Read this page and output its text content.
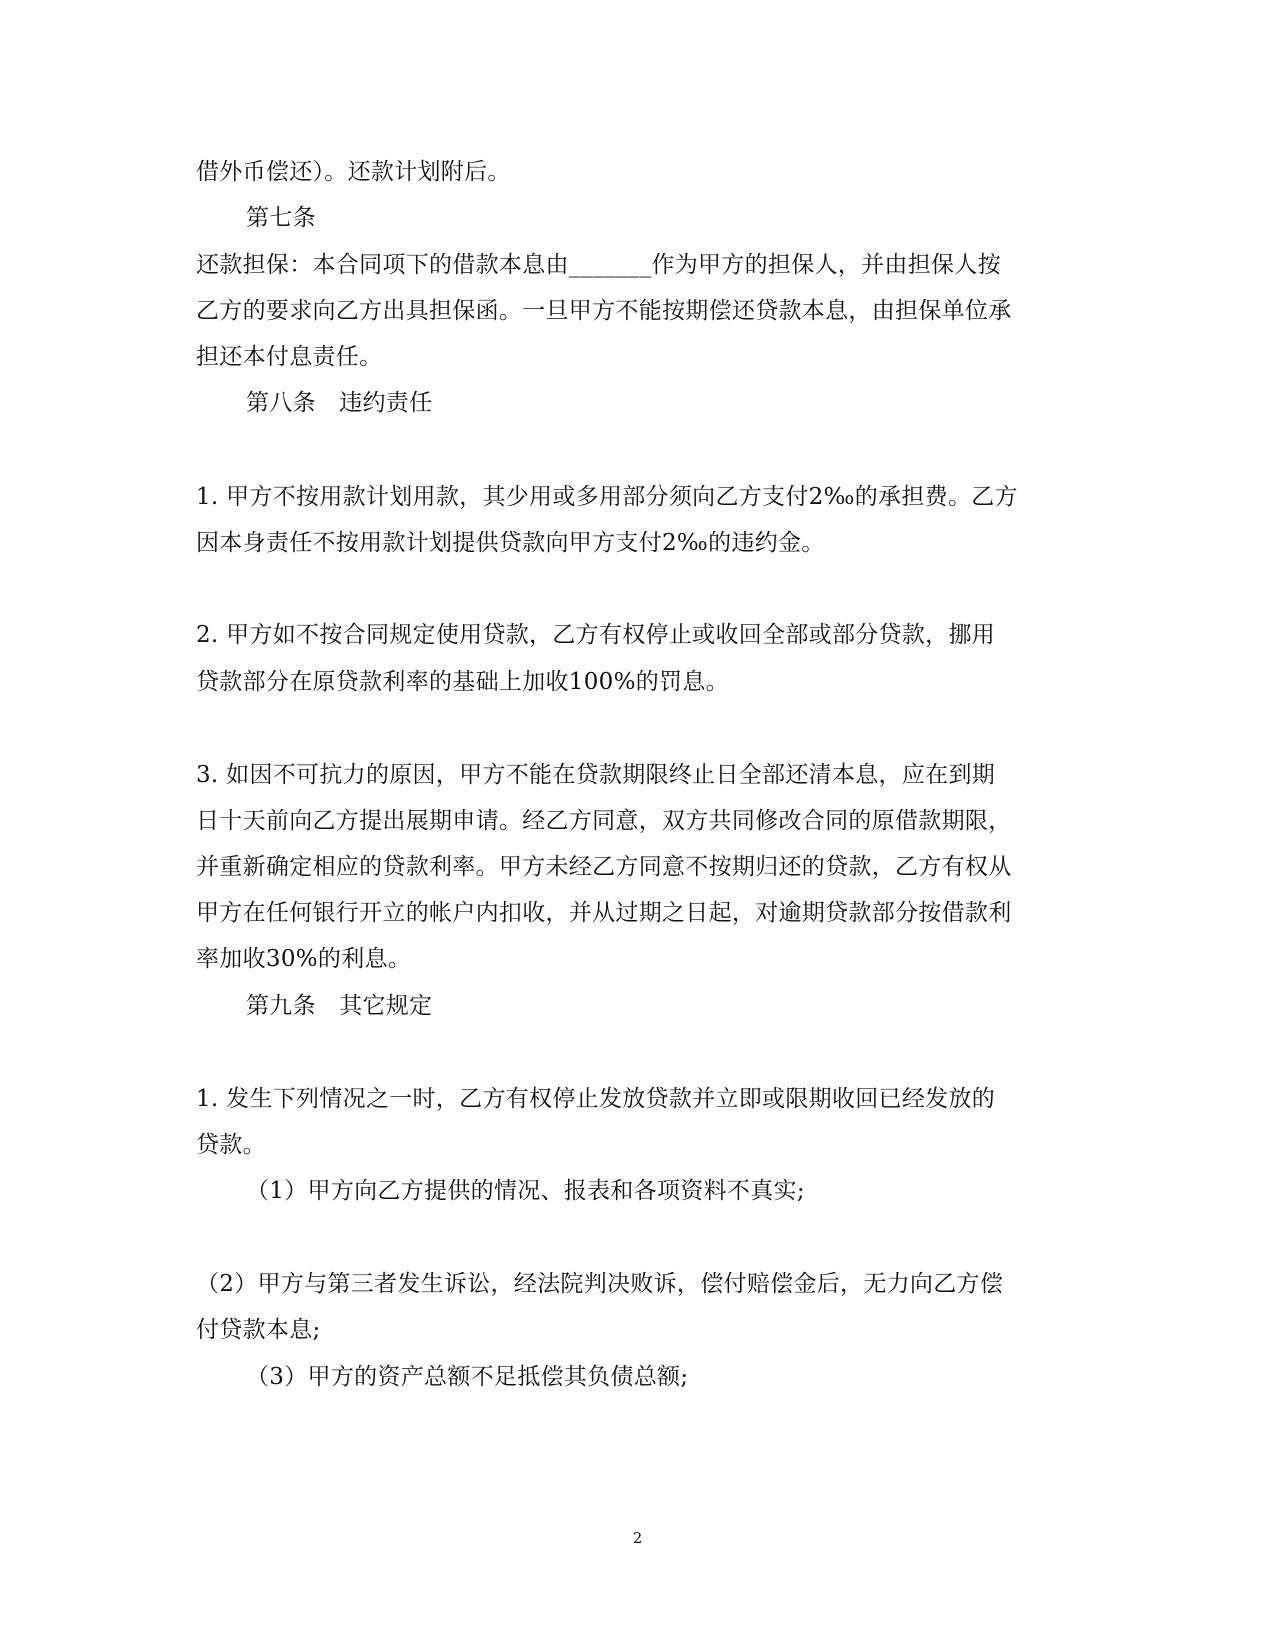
借外币偿还）。还款计划附后。
第七条
还款担保：本合同项下的借款本息由_______作为甲方的担保人，并由担保人按
乙方的要求向乙方出具担保函。一旦甲方不能按期偿还贷款本息，由担保单位承
担还本付息责任。
第八条　违约责任
1. 甲方不按用款计划用款，其少用或多用部分须向乙方支付2‰的承担费。乙方
因本身责任不按用款计划提供贷款向甲方支付2‰的违约金。
2. 甲方如不按合同规定使用贷款，乙方有权停止或收回全部或部分贷款，挪用
贷款部分在原贷款利率的基础上加收100%的罚息。
3. 如因不可抗力的原因，甲方不能在贷款期限终止日全部还清本息，应在到期
日十天前向乙方提出展期申请。经乙方同意，双方共同修改合同的原借款期限，
并重新确定相应的贷款利率。甲方未经乙方同意不按期归还的贷款，乙方有权从
甲方在任何银行开立的帐户内扣收，并从过期之日起，对逾期贷款部分按借款利
率加收30%的利息。
第九条　其它规定
1. 发生下列情况之一时，乙方有权停止发放贷款并立即或限期收回已经发放的
贷款。
（1）甲方向乙方提供的情况、报表和各项资料不真实;
（2）甲方与第三者发生诉讼，经法院判决败诉，偿付赔偿金后，无力向乙方偿
付贷款本息;
（3）甲方的资产总额不足抵偿其负债总额;
2
